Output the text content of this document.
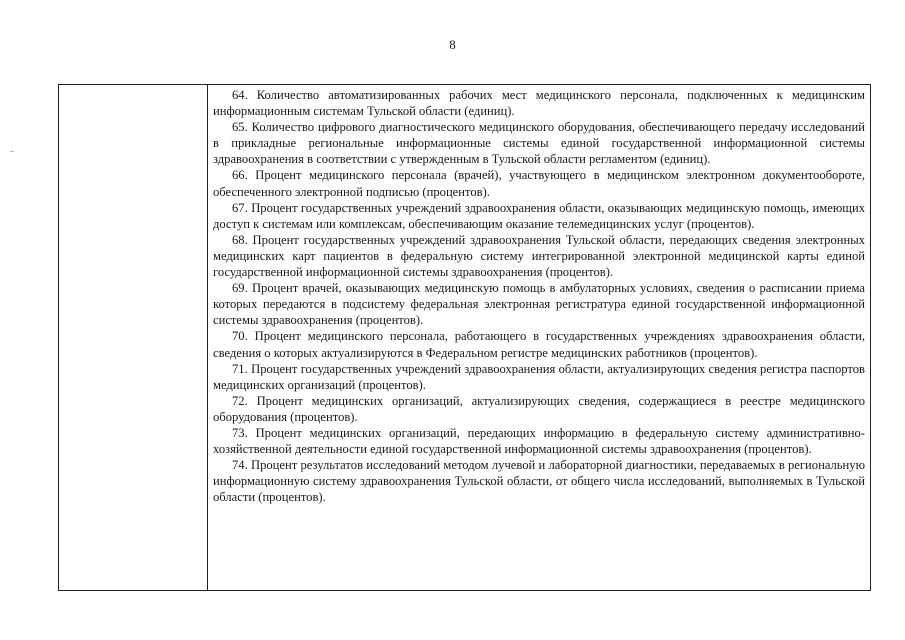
8

64. Количество автоматизированных рабочих мест медицинского персонала, подключенных к медицинским информационным системам Тульской области (единиц).

65. Количество цифрового диагностического медицинского оборудования, обеспечивающего передачу исследований в прикладные региональные информационные системы единой государственной информационной системы здравоохранения в соответствии с утвержденным в Тульской области регламентом (единиц).

66. Процент медицинского персонала (врачей), участвующего в медицинском электронном документообороте, обеспеченного электронной подписью (процентов).

67. Процент государственных учреждений здравоохранения области, оказывающих медицинскую помощь, имеющих доступ к системам или комплексам, обеспечивающим оказание телемедицинских услуг (процентов).

68. Процент государственных учреждений здравоохранения Тульской области, передающих сведения электронных медицинских карт пациентов в федеральную систему интегрированной электронной медицинской карты единой государственной информационной системы здравоохранения (процентов).

69. Процент врачей, оказывающих медицинскую помощь в амбулаторных условиях, сведения о расписании приема которых передаются в подсистему федеральная электронная регистратура единой государственной информационной системы здравоохранения (процентов).

70. Процент медицинского персонала, работающего в государственных учреждениях здравоохранения области, сведения о которых актуализируются в Федеральном регистре медицинских работников (процентов).

71. Процент государственных учреждений здравоохранения области, актуализирующих сведения регистра паспортов медицинских организаций (процентов).

72. Процент медицинских организаций, актуализирующих сведения, содержащиеся в реестре медицинского оборудования (процентов).

73. Процент медицинских организаций, передающих информацию в федеральную систему административно-хозяйственной деятельности единой государственной информационной системы здравоохранения (процентов).

74. Процент результатов исследований методом лучевой и лабораторной диагностики, передаваемых в региональную информационную систему здравоохранения Тульской области, от общего числа исследований, выполняемых в Тульской области (процентов).
